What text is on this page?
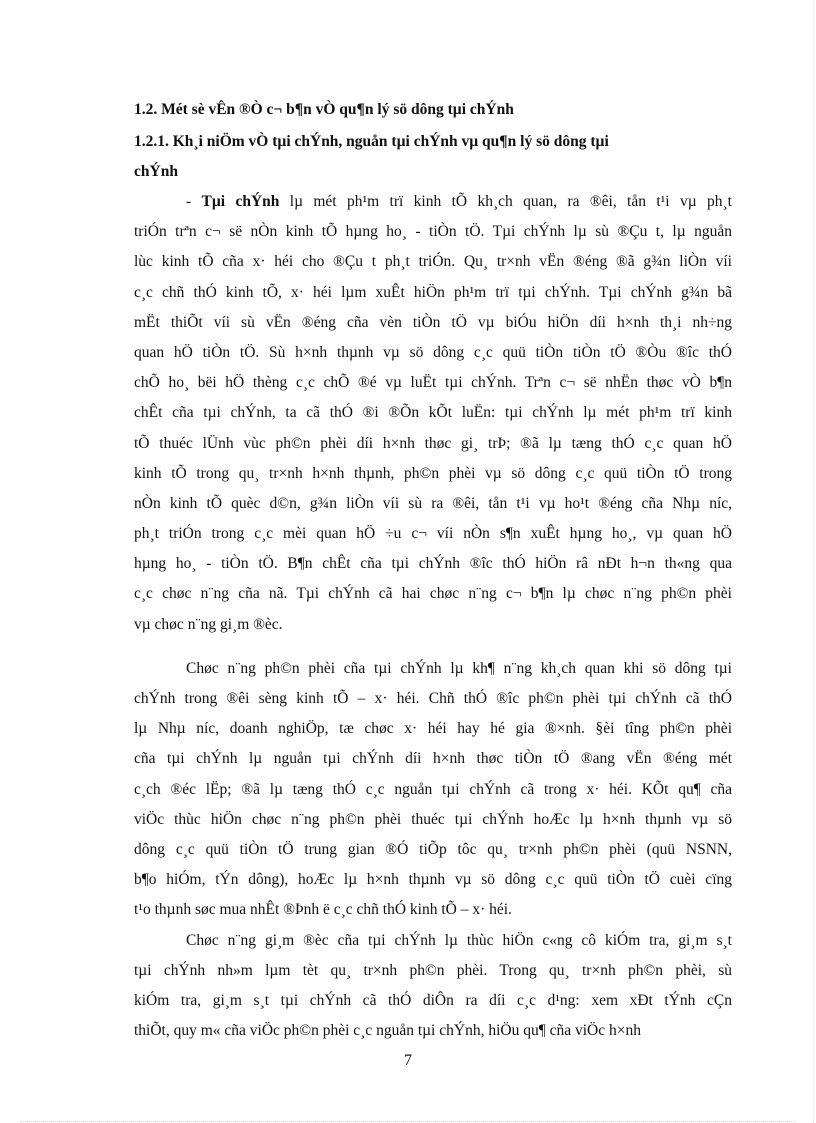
1.2. Mét sè vÊn ®Ò c¬ b¶n vÒ qu¶n lý sö dông tµi chÝnh
1.2.1. Kh¸i niÖm vÒ tµi chÝnh, nguån tµi chÝnh vµ qu¶n lý sö dông tµi
chÝnh
- Tµi chÝnh lµ mét ph¹m trï kinh tÕ kh¸ch quan, ra ®êi, tån t¹i vµ ph¸t
triÓn trªn c¬ së nÒn kinh tÕ hµng ho¸ - tiÒn tÖ. Tµi chÝnh lµ sù ®Çu t, lµ nguån
lùc kinh tÕ cña x· héi cho ®Çu t ph¸t triÓn. Qu¸ tr×nh vËn ®éng ®ã g¾n liÒn víi
c¸c chñ thÓ kinh tÕ, x· héi lµm xuÊt hiÖn ph¹m trï tµi chÝnh. Tµi chÝnh g¾n bã
mËt thiÕt víi sù vËn ®éng cña vèn tiÒn tÖ vµ biÓu hiÖn díi h×nh th¸i nh÷ng
quan hÖ tiÒn tÖ. Sù h×nh thµnh vµ sö dông c¸c quü tiÒn tiÒn tÖ ®Òu ®îc thÓ
chÕ ho¸ bëi hÖ thèng c¸c chÕ ®é vµ luËt tµi chÝnh. Trªn c¬ së nhËn thøc vÒ b¶n
chÊt cña tµi chÝnh, ta cã thÓ ®i ®Õn kÕt luËn: tµi chÝnh lµ mét ph¹m trï kinh
tÕ thuéc lÜnh vùc ph©n phèi díi h×nh thøc gi¸ trÞ; ®ã lµ tæng thÓ c¸c quan hÖ
kinh tÕ trong qu¸ tr×nh h×nh thµnh, ph©n phèi vµ sö dông c¸c quü tiÒn tÖ trong
nÒn kinh tÕ quèc d©n, g¾n liÒn víi sù ra ®êi, tån t¹i vµ ho¹t ®éng cña Nhµ níc,
ph¸t triÓn trong c¸c mèi quan hÖ ÷u c¬ víi nÒn s¶n xuÊt hµng ho¸, vµ quan hÖ
hµng ho¸ - tiÒn tÖ. B¶n chÊt cña tµi chÝnh ®îc thÓ hiÖn râ nÐt h¬n th«ng qua
c¸c chøc n¨ng cña nã. Tµi chÝnh cã hai chøc n¨ng c¬ b¶n lµ chøc n¨ng ph©n phèi
vµ chøc n¨ng gi¸m ®èc.
Chøc n¨ng ph©n phèi cña tµi chÝnh lµ kh¶ n¨ng kh¸ch quan khi sö dông tµi
chÝnh trong ®êi sèng kinh tÕ – x· héi. Chñ thÓ ®îc ph©n phèi tµi chÝnh cã thÓ
lµ Nhµ níc, doanh nghiÖp, tæ chøc x· héi hay hé gia ®×nh. §èi tîng ph©n phèi
cña tµi chÝnh lµ nguån tµi chÝnh díi h×nh thøc tiÒn tÖ ®ang vËn ®éng mét
c¸ch ®éc lËp; ®ã lµ tæng thÓ c¸c nguån tµi chÝnh cã trong x· héi. KÕt qu¶ cña
viÖc thùc hiÖn chøc n¨ng ph©n phèi thuéc tµi chÝnh hoÆc lµ h×nh thµnh vµ sö
dông c¸c quü tiÒn tÖ trung gian ®Ó tiÕp tôc qu¸ tr×nh ph©n phèi (quü NSNN,
b¶o hiÓm, tÝn dông), hoÆc lµ h×nh thµnh vµ sö dông c¸c quü tiÒn tÖ cuèi cïng
t¹o thµnh søc mua nhÊt ®Þnh ë c¸c chñ thÓ kinh tÕ – x· héi.
Chøc n¨ng gi¸m ®èc cña tµi chÝnh lµ thùc hiÖn c«ng cô kiÓm tra, gi¸m s¸t
tµi chÝnh nh»m lµm tèt qu¸ tr×nh ph©n phèi. Trong qu¸ tr×nh ph©n phèi, sù
kiÓm tra, gi¸m s¸t tµi chÝnh cã thÓ diÔn ra díi c¸c d¹ng: xem xÐt tÝnh cÇn
thiÕt, quy m« cña viÖc ph©n phèi c¸c nguån tµi chÝnh, hiÖu qu¶ cña viÖc h×nh
7
